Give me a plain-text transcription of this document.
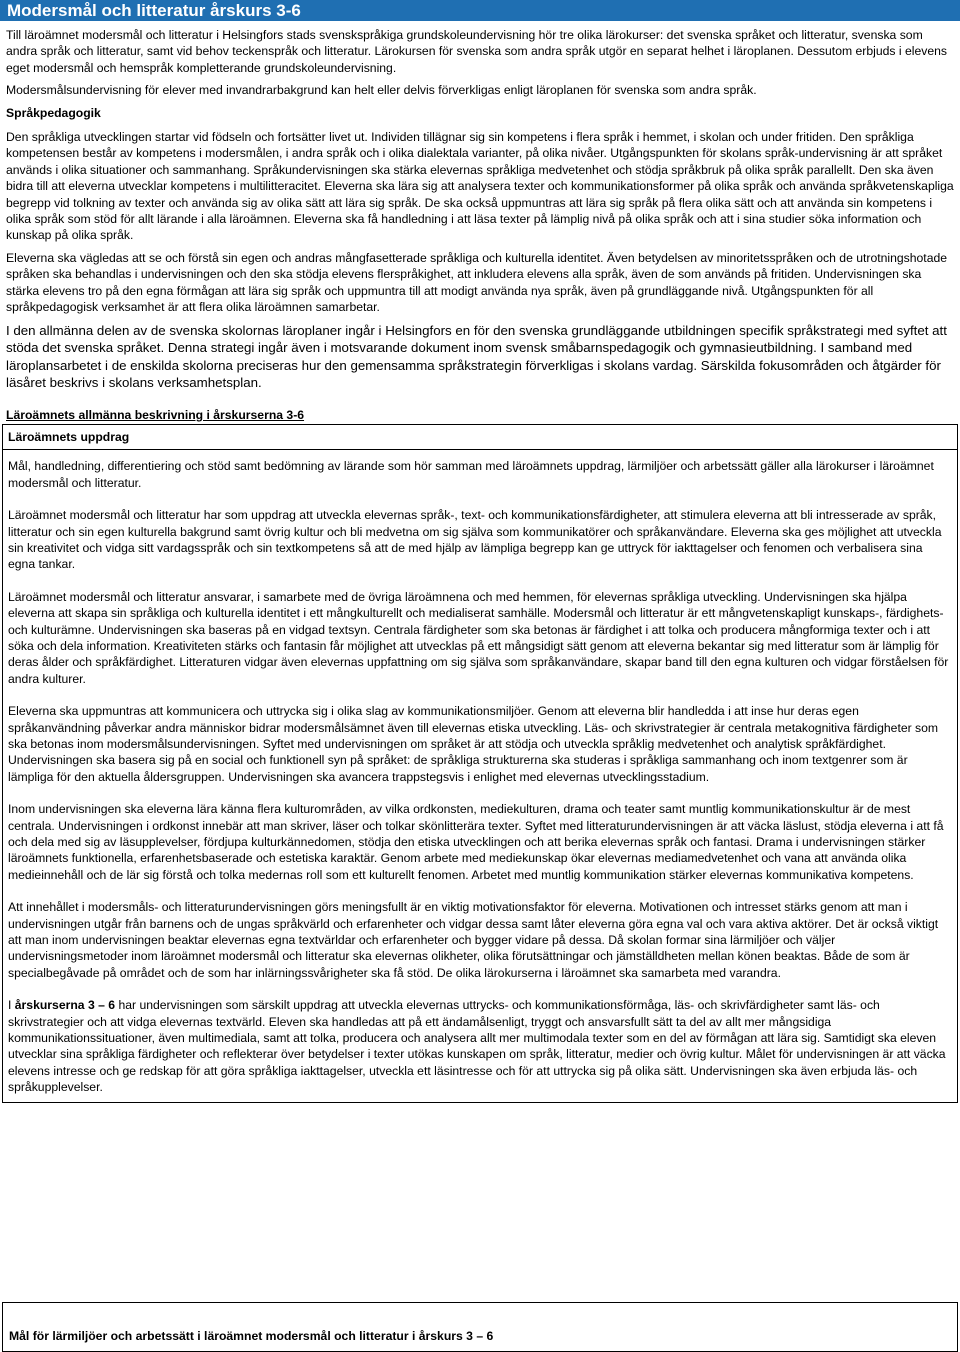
Modersmål och litteratur årskurs 3-6

Till läroämnet modersmål och litteratur i Helsingfors stads svenskspråkiga grundskoleundervisning hör tre olika lärokurser: det svenska språket och litteratur, svenska som andra språk och litteratur, samt vid behov teckenspråk och litteratur. Lärokursen för svenska som andra språk utgör en separat helhet i läroplanen. Dessutom erbjuds i elevens eget modersmål och hemspråk kompletterande grundskoleundervisning.

Modersmålsundervisning för elever med invandrarbakgrund kan helt eller delvis förverkligas enligt läroplanen för svenska som andra språk.

Språkpedagogik

Den språkliga utvecklingen startar vid födseln och fortsätter livet ut. Individen tillägnar sig sin kompetens i flera språk i hemmet, i skolan och under fritiden. Den språkliga kompetensen består av kompetens i modersmålen, i andra språk och i olika dialektala varianter, på olika nivåer. Utgångspunkten för skolans språk-undervisning är att språket används i olika situationer och sammanhang. Språkundervisningen ska stärka elevernas språkliga medvetenhet och stödja språkbruk på olika språk parallellt. Den ska även bidra till att eleverna utvecklar kompetens i multilitteracitet. Eleverna ska lära sig att analysera texter och kommunikationsformer på olika språk och använda språkvetenskapliga begrepp vid tolkning av texter och använda sig av olika sätt att lära sig språk. De ska också uppmuntras att lära sig språk på flera olika sätt och att använda sin kompetens i olika språk som stöd för allt lärande i alla läroämnen. Eleverna ska få handledning i att läsa texter på lämplig nivå på olika språk och att i sina studier söka information och kunskap på olika språk.

Eleverna ska vägledas att se och förstå sin egen och andras mångfasetterade språkliga och kulturella identitet. Även betydelsen av minoritetsspråken och de utrotningshotade språken ska behandlas i undervisningen och den ska stödja elevens flerspråkighet, att inkludera elevens alla språk, även de som används på fritiden. Undervisningen ska stärka elevens tro på den egna förmågan att lära sig språk och uppmuntra till att modigt använda nya språk, även på grundläggande nivå. Utgångspunkten för all språkpedagogisk verksamhet är att flera olika läroämnen samarbetar.

I den allmänna delen av de svenska skolornas läroplaner ingår i Helsingfors en för den svenska grundläggande utbildningen specifik språkstrategi med syftet att stöda det svenska språket. Denna strategi ingår även i motsvarande dokument inom svensk småbarnspedagogik och gymnasieutbildning. I samband med läroplansarbetet i de enskilda skolorna preciseras hur den gemensamma språkstrategin förverkligas i skolans vardag. Särskilda fokusområden och åtgärder för läsåret beskrivs i skolans verksamhetsplan.

Läroämnets allmänna beskrivning i årskurserna 3-6
Läroämnets uppdrag

Mål, handledning, differentiering och stöd samt bedömning av lärande som hör samman med läroämnets uppdrag, lärmiljöer och arbetssätt gäller alla lärokurser i läroämnet modersmål och litteratur.

Läroämnet modersmål och litteratur har som uppdrag att utveckla elevernas språk-, text- och kommunikationsfärdigheter, att stimulera eleverna att bli intresserade av språk, litteratur och sin egen kulturella bakgrund samt övrig kultur och bli medvetna om sig själva som kommunikatörer och språkanvändare. Eleverna ska ges möjlighet att utveckla sin kreativitet och vidga sitt vardagsspråk och sin textkompetens så att de med hjälp av lämpliga begrepp kan ge uttryck för iakttagelser och fenomen och verbalisera sina egna tankar.

Läroämnet modersmål och litteratur ansvarar, i samarbete med de övriga läroämnena och med hemmen, för elevernas språkliga utveckling. Undervisningen ska hjälpa eleverna att skapa sin språkliga och kulturella identitet i ett mångkulturellt och medialiserat samhälle. Modersmål och litteratur är ett mångvetenskapligt kunskaps-, färdighets- och kulturämne. Undervisningen ska baseras på en vidgad textsyn. Centrala färdigheter som ska betonas är färdighet i att tolka och producera mångformiga texter och i att söka och dela information. Kreativiteten stärks och fantasin får möjlighet att utvecklas på ett mångsidigt sätt genom att eleverna bekantar sig med litteratur som är lämplig för deras ålder och språkfärdighet. Litteraturen vidgar även elevernas uppfattning om sig själva som språkanvändare, skapar band till den egna kulturen och vidgar förståelsen för andra kulturer.

Eleverna ska uppmuntras att kommunicera och uttrycka sig i olika slag av kommunikationsmiljöer. Genom att eleverna blir handledda i att inse hur deras egen språkanvändning påverkar andra människor bidrar modersmålsämnet även till elevernas etiska utveckling. Läs- och skrivstrategier är centrala metakognitiva färdigheter som ska betonas inom modersmålsundervisningen. Syftet med undervisningen om språket är att stödja och utveckla språklig medvetenhet och analytisk språkfärdighet. Undervisningen ska basera sig på en social och funktionell syn på språket: de språkliga strukturerna ska studeras i språkliga sammanhang och inom textgenrer som är lämpliga för den aktuella åldersgruppen. Undervisningen ska avancera trappstegsvis i enlighet med elevernas utvecklingsstadium.

Inom undervisningen ska eleverna lära känna flera kulturområden, av vilka ordkonsten, mediekulturen, drama och teater samt muntlig kommunikationskultur är de mest centrala. Undervisningen i ordkonst innebär att man skriver, läser och tolkar skönlitterära texter. Syftet med litteraturundervisningen är att väcka läslust, stödja eleverna i att få och dela med sig av läsupplevelser, fördjupa kulturkännedomen, stödja den etiska utvecklingen och att berika elevernas språk och fantasi. Drama i undervisningen stärker läroämnets funktionella, erfarenhetsbaserade och estetiska karaktär. Genom arbete med mediekunskap ökar elevernas mediamedvetenhet och vana att använda olika medieinnehåll och de lär sig förstå och tolka medernas roll som ett kulturellt fenomen. Arbetet med muntlig kommunikation stärker elevernas kommunikativa kompetens.

Att innehållet i modersmåls- och litteraturundervisningen görs meningsfullt är en viktig motivationsfaktor för eleverna. Motivationen och intresset stärks genom att man i undervisningen utgår från barnens och de ungas språkvärld och erfarenheter och vidgar dessa samt låter eleverna göra egna val och vara aktiva aktörer. Det är också viktigt att man inom undervisningen beaktar elevernas egna textvärldar och erfarenheter och bygger vidare på dessa. Då skolan formar sina lärmiljöer och väljer undervisningsmetoder inom läroämnet modersmål och litteratur ska elevernas olikheter, olika förutsättningar och jämställdheten mellan könen beaktas. Både de som är specialbegåvade på området och de som har inlärningssvårigheter ska få stöd. De olika lärokurserna i läroämnet ska samarbeta med varandra.

I årskurserna 3 – 6 har undervisningen som särskilt uppdrag att utveckla elevernas uttrycks- och kommunikationsförmåga, läs- och skrivfärdigheter samt läs- och skrivstrategier och att vidga elevernas textvärld. Eleven ska handledas att på ett ändamålsenligt, tryggt och ansvarsfullt sätt ta del av allt mer mångsidiga kommunikationssituationer, även multimediala, samt att tolka, producera och analysera allt mer multimodala texter som en del av förmågan att lära sig. Samtidigt ska eleven utvecklar sina språkliga färdigheter och reflekterar över betydelser i texter utökas kunskapen om språk, litteratur, medier och övrig kultur. Målet för undervisningen är att väcka elevens intresse och ge redskap för att göra språkliga iakttagelser, utveckla ett läsintresse och för att uttrycka sig på olika sätt. Undervisningen ska även erbjuda läs- och språkupplevelser.

Mål för lärmiljöer och arbetssätt i läroämnet modersmål och litteratur i årskurs 3 – 6
